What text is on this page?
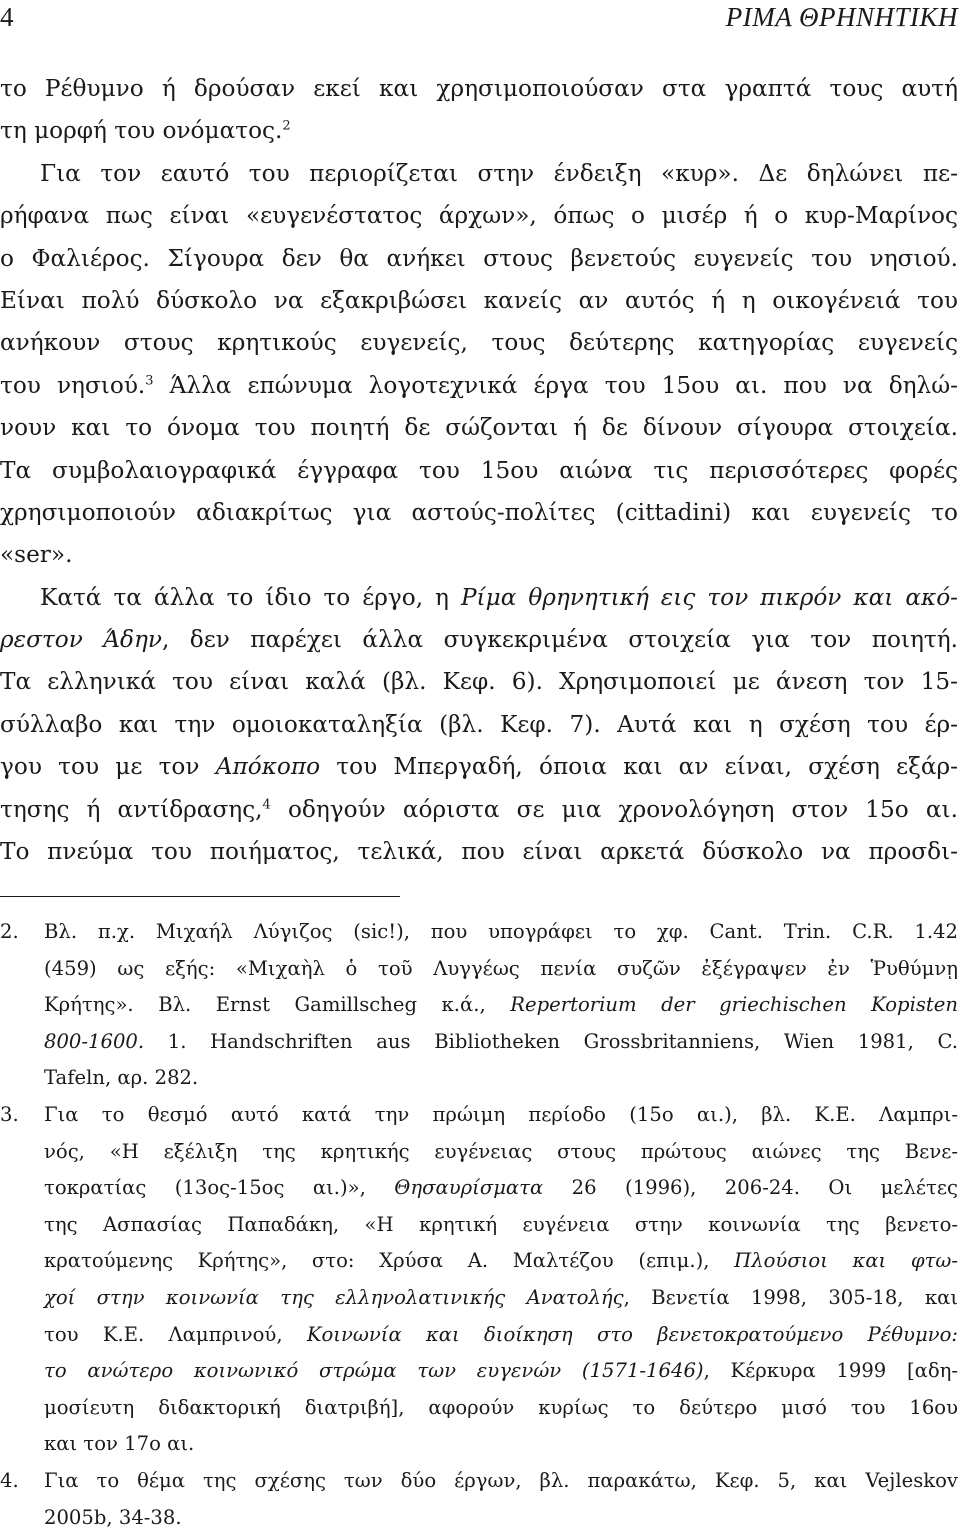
4	ΡΙΜΑ ΘΡΗΝΗΤΙΚΗ
το Ρέθυμνο ή δρούσαν εκεί και χρησιμοποιούσαν στα γραπτά τους αυτή
τη μορφή του ονόματος.$^2$
Για τον εαυτό του περιορίζεται στην ένδειξη «κυρ». Δε δηλώνει πε-
ρήφανα πως είναι «ευγενέστατος άρχων», όπως ο μισέρ ή ο κυρ-Μαρίνος
ο Φαλιέρος. Σίγουρα δεν θα ανήκει στους βενετούς ευγενείς του νησιού.
Είναι πολύ δύσκολο να εξακριβώσει κανείς αν αυτός ή η οικογένειά του
ανήκουν στους κρητικούς ευγενείς, τους δεύτερης κατηγορίας ευγενείς
του νησιού.$^3$ Άλλα επώνυμα λογοτεχνικά έργα του 15ου αι. που να δηλώ-
νουν και το όνομα του ποιητή δε σώζονται ή δε δίνουν σίγουρα στοιχεία.
Τα συμβολαιογραφικά έγγραφα του 15ου αιώνα τις περισσότερες φορές
χρησιμοποιούν αδιακρίτως για αστούς-πολίτες (cittadini) και ευγενείς το
«ser».
Κατά τα άλλα το ίδιο το έργο, η Ρίμα θρηνητική εις τον πικρόν και ακό-
ρεστον Άδην, δεν παρέχει άλλα συγκεκριμένα στοιχεία για τον ποιητή.
Τα ελληνικά του είναι καλά (βλ. Κεφ. 6). Χρησιμοποιεί με άνεση τον 15-
σύλλαβο και την ομοιοκαταληξία (βλ. Κεφ. 7). Αυτά και η σχέση του έρ-
γου του με τον Απόκοπο του Μπεργαδή, όποια και αν είναι, σχέση εξάρ-
τησης ή αντίδρασης,$^4$ οδηγούν αόριστα σε μια χρονολόγηση στον 15ο αι.
Το πνεύμα του ποιήματος, τελικά, που είναι αρκετά δύσκολο να προσδι-
2. Βλ. π.χ. Μιχαήλ Λύγιζος (sic!), που υπογράφει το χφ. Cant. Trin. C.R. 1.42
(459) ως εξής: «Μιχαὴλ ὁ τοῦ Λυγγέως πενία συζῶν ἐξέγραψεν ἐν Ῥυθύμνῃ
Κρήτης». Βλ. Ernst Gamillscheg κ.ά., Repertorium der griechischen Kopisten
800-1600. 1. Handschriften aus Bibliotheken Grossbritanniens, Wien 1981, C.
Tafeln, αρ. 282.
3. Για το θεσμό αυτό κατά την πρώιμη περίοδο (15ο αι.), βλ. Κ.Ε. Λαμπρι-
νός, «Η εξέλιξη της κρητικής ευγένειας στους πρώτους αιώνες της Βενε-
τοκρατίας (13ος-15ος αι.)», Θησαυρίσματα 26 (1996), 206-24. Οι μελέτες
της Ασπασίας Παπαδάκη, «Η κρητική ευγένεια στην κοινωνία της βενετο-
κρατούμενης Κρήτης», στο: Χρύσα Α. Μαλτέζου (επιμ.), Πλούσιοι και φτω-
χοί στην κοινωνία της ελληνολατινικής Ανατολής, Βενετία 1998, 305-18, και
του Κ.Ε. Λαμπρινού, Κοινωνία και διοίκηση στο βενετοκρατούμενο Ρέθυμνο:
το ανώτερο κοινωνικό στρώμα των ευγενών (1571-1646), Κέρκυρα 1999 [αδη-
μοσίευτη διδακτορική διατριβή], αφορούν κυρίως το δεύτερο μισό του 16ου
και τον 17ο αι.
4. Για το θέμα της σχέσης των δύο έργων, βλ. παρακάτω, Κεφ. 5, και Vejleskov
2005b, 34-38.
